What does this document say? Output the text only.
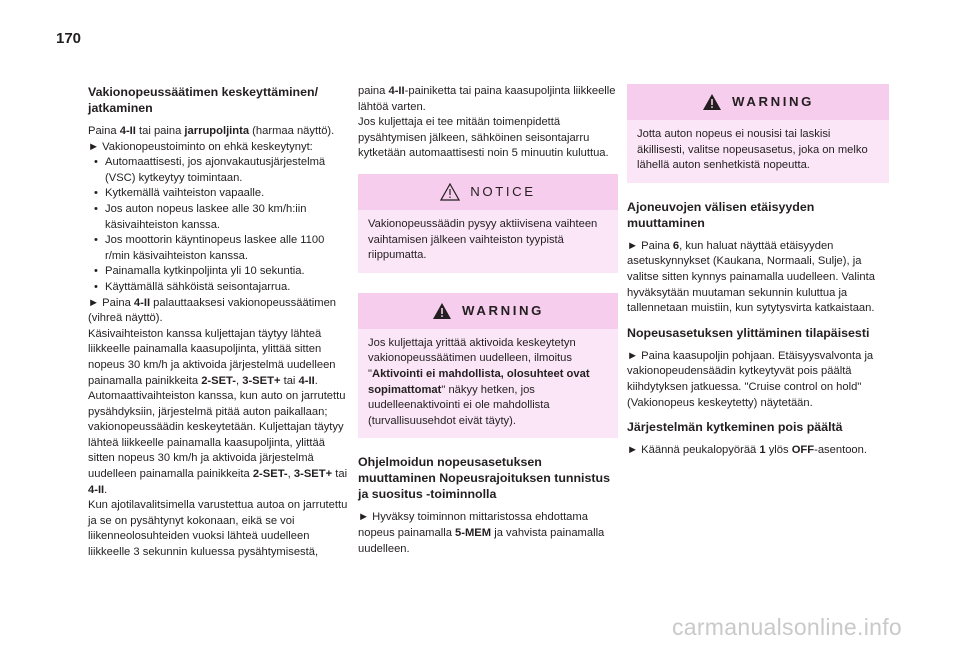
170
Vakionopeussäätimen keskeyttäminen/ jatkaminen

Paina 4-II tai paina jarrupoljinta (harmaa näyttö).

► Vakionopeustoiminto on ehkä keskeytynyt:

• Automaattisesti, jos ajonvakautusjärjestelmä (VSC) kytkeytyy toimintaan.
• Kytkemällä vaihteiston vapaalle.
• Jos auton nopeus laskee alle 30 km/h:iin käsivaihteiston kanssa.
• Jos moottorin käyntinopeus laskee alle 1100 r/min käsivaihteiston kanssa.
• Painamalla kytkinpoljinta yli 10 sekuntia.
• Käyttämällä sähköistä seisontajarrua.

► Paina 4-II palauttaaksesi vakionopeussäätimen (vihreä näyttö).

Käsivaihteiston kanssa kuljettajan täytyy lähteä liikkeelle painamalla kaasupoljinta, ylittää sitten nopeus 30 km/h ja aktivoida järjestelmä uudelleen painamalla painikkeita 2-SET-, 3-SET+ tai 4-II.

Automaattivaihteiston kanssa, kun auto on jarrutettu pysähdyksiin, järjestelmä pitää auton paikallaan; vakionopeussäädin keskeytetään. Kuljettajan täytyy lähteä liikkeelle painamalla kaasupoljinta, ylittää sitten nopeus 30 km/h ja aktivoida järjestelmä uudelleen painamalla painikkeita 2-SET-, 3-SET+ tai 4-II.

Kun ajotilavalitsimella varustettua autoa on jarrutettu ja se on pysähtynyt kokonaan, eikä se voi liikenneolosuhteiden vuoksi lähteä uudelleen liikkeelle 3 sekunnin kuluessa pysähtymisestä,

paina 4-II-painiketta tai paina kaasupoljinta liikkeelle lähtöä varten.

Jos kuljettaja ei tee mitään toimenpidettä pysähtymisen jälkeen, sähköinen seisontajarru kytketään automaattisesti noin 5 minuutin kuluttua.

NOTICE
Vakionopeussäädin pysyy aktiivisena vaihteen vaihtamisen jälkeen vaihteiston tyypistä riippumatta.
WARNING
Jos kuljettaja yrittää aktivoida keskeytetyn vakionopeussäätimen uudelleen, ilmoitus "Aktivointi ei mahdollista, olosuhteet ovat sopimattomat" näkyy hetken, jos uudelleenaktivointi ei ole mahdollista (turvallisuusehdot eivät täyty).
Ohjelmoidun nopeusasetuksen muuttaminen Nopeusrajoituksen tunnistus ja suositus -toiminnolla

► Hyväksy toiminnon mittaristossa ehdottama nopeus painamalla 5-MEM ja vahvista painamalla uudelleen.

WARNING
Jotta auton nopeus ei nousisi tai laskisi äkillisesti, valitse nopeusasetus, joka on melko lähellä auton senhetkistä nopeutta.
Ajoneuvojen välisen etäisyyden muuttaminen

► Paina 6, kun haluat näyttää etäisyyden asetuskynnykset (Kaukana, Normaali, Sulje), ja valitse sitten kynnys painamalla uudelleen. Valinta hyväksytään muutaman sekunnin kuluttua ja tallennetaan muistiin, kun sytytysvirta katkaistaan.

Nopeusasetuksen ylittäminen tilapäisesti

► Paina kaasupoljin pohjaan. Etäisyysvalvonta ja vakionopeudensäädin kytkeytyvät pois päältä kiihdytyksen jatkuessa. "Cruise control on hold" (Vakionopeus keskeytetty) näytetään.

Järjestelmän kytkeminen pois päältä

► Käännä peukalopyörää 1 ylös OFF-asentoon.

carmanualsonline.info
